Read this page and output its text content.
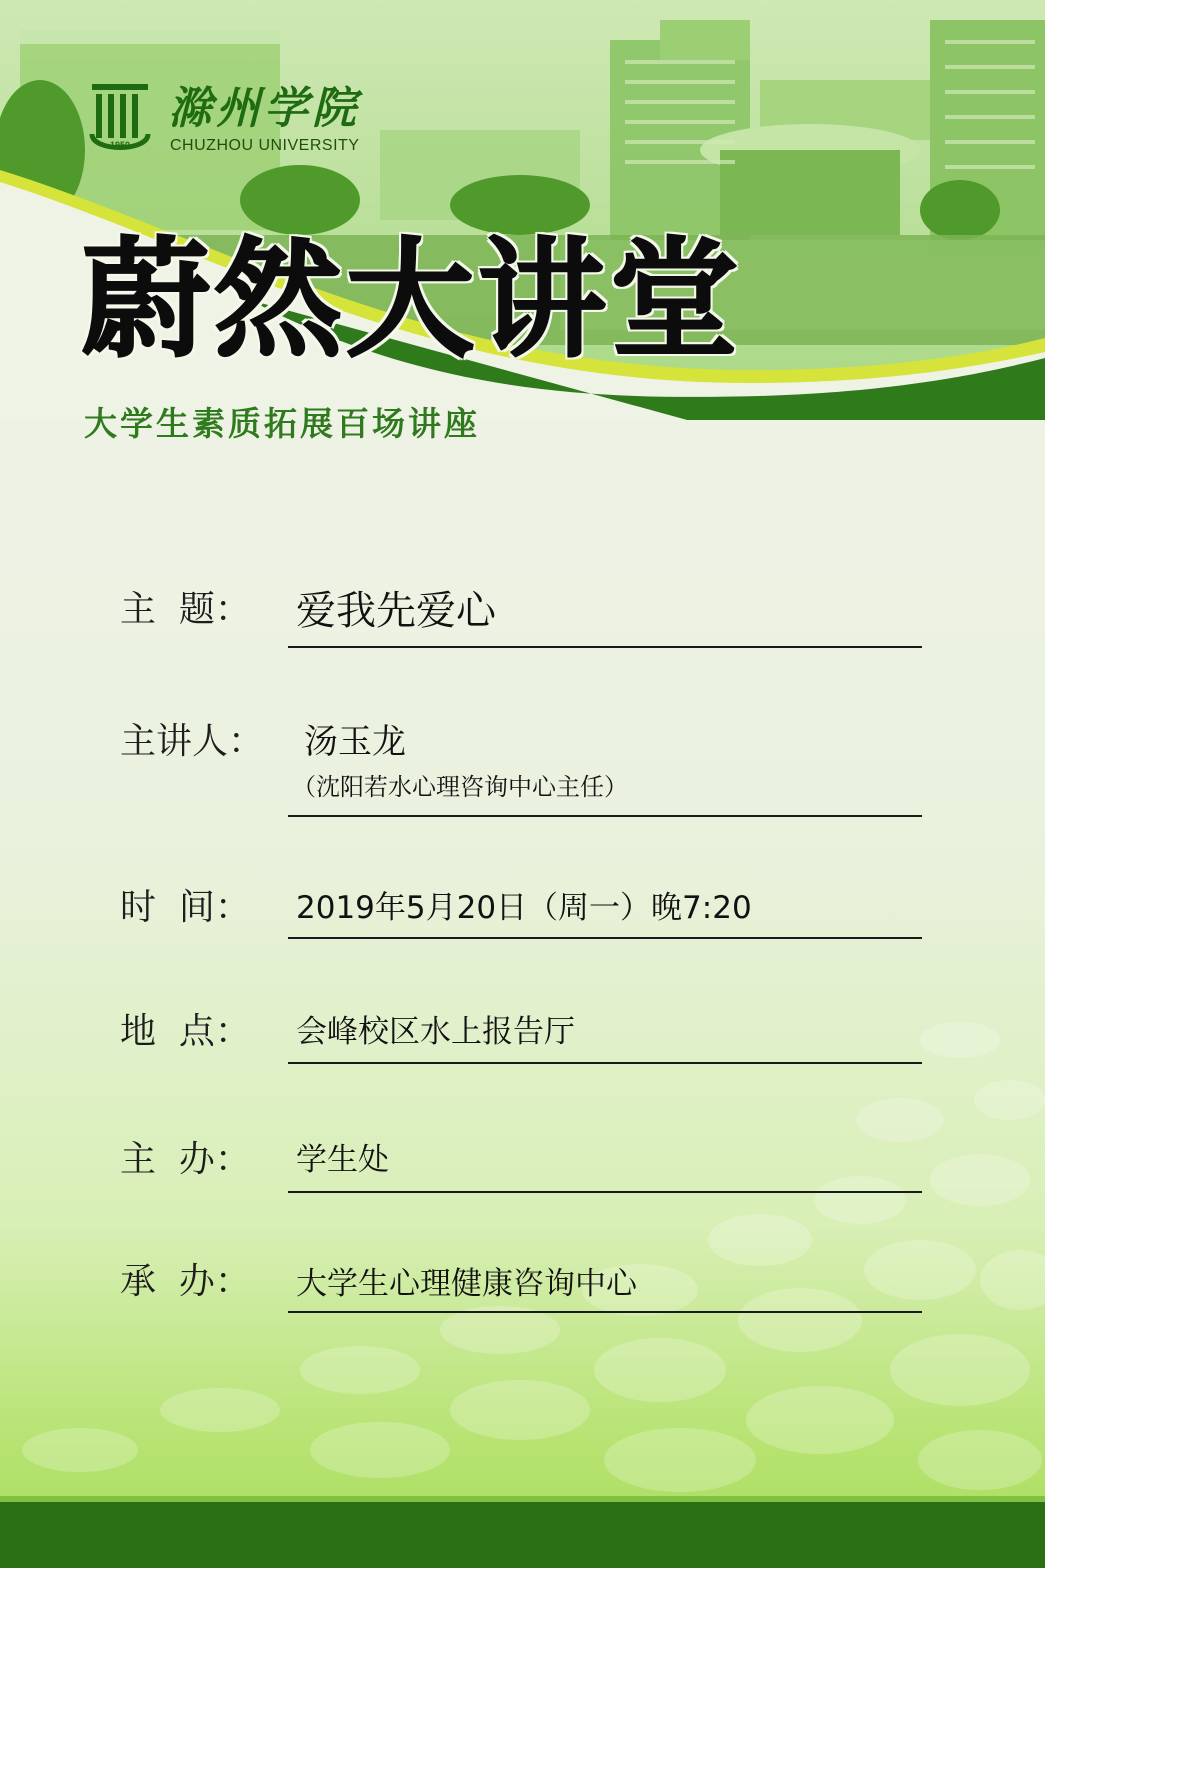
1950
滁州学院
CHUZHOU UNIVERSITY
蔚然大讲堂
大学生素质拓展百场讲座
主  题： 爱我先爱心
主讲人： 汤玉龙
（沈阳若水心理咨询中心主任）
时  间： 2019年5月20日（周一）晚7:20
地  点： 会峰校区水上报告厅
主  办： 学生处
承  办： 大学生心理健康咨询中心
